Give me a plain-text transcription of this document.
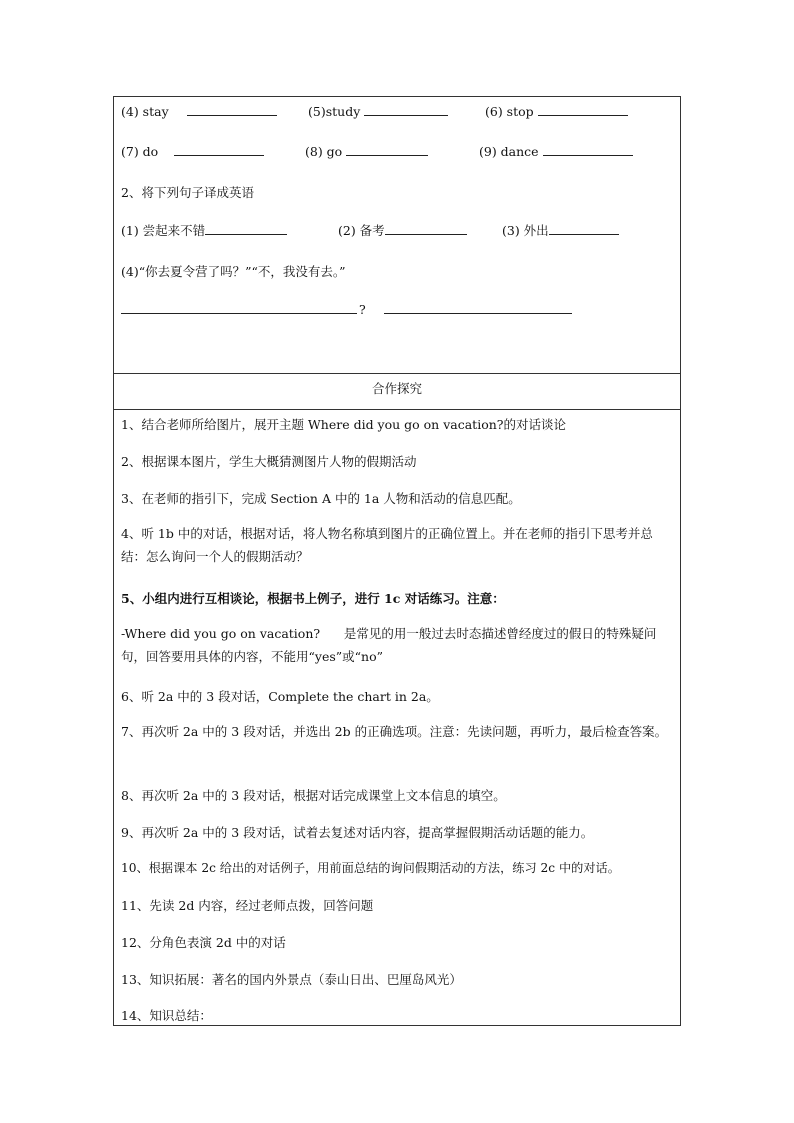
(4) stay	(5)study	(6) stop
(7) do	(8) go	(9) dance
2、将下列句子译成英语
(1) 尝起来不错	(2) 备考	(3) 外出
(4)“你去夏令营了吗？”“不，我没有去。”
?
合作探究
1、结合老师所给图片，展开主题 Where did you go on vacation?的对话谈论
2、根据课本图片，学生大概猜测图片人物的假期活动
3、在老师的指引下，完成 Section A 中的 1a 人物和活动的信息匹配。
4、听 1b 中的对话，根据对话，将人物名称填到图片的正确位置上。并在老师的指引下思考并总结：怎么询问一个人的假期活动？
5、小组内进行互相谈论，根据书上例子，进行 1c 对话练习。注意：
-Where did you go on vacation?      是常见的用一般过去时态描述曾经度过的假日的特殊疑问句，回答要用具体的内容，不能用“yes”或“no”
6、听 2a 中的 3 段对话，Complete the chart in 2a。
7、再次听 2a 中的 3 段对话，并选出 2b 的正确选项。注意：先读问题，再听力，最后检查答案。
8、再次听 2a 中的 3 段对话，根据对话完成课堂上文本信息的填空。
9、再次听 2a 中的 3 段对话，试着去复述对话内容，提高掌握假期活动话题的能力。
10、根据课本 2c 给出的对话例子，用前面总结的询问假期活动的方法，练习 2c 中的对话。
11、先读 2d 内容，经过老师点拨，回答问题
12、分角色表演 2d 中的对话
13、知识拓展：著名的国内外景点（泰山日出、巴厘岛风光）
14、知识总结：
